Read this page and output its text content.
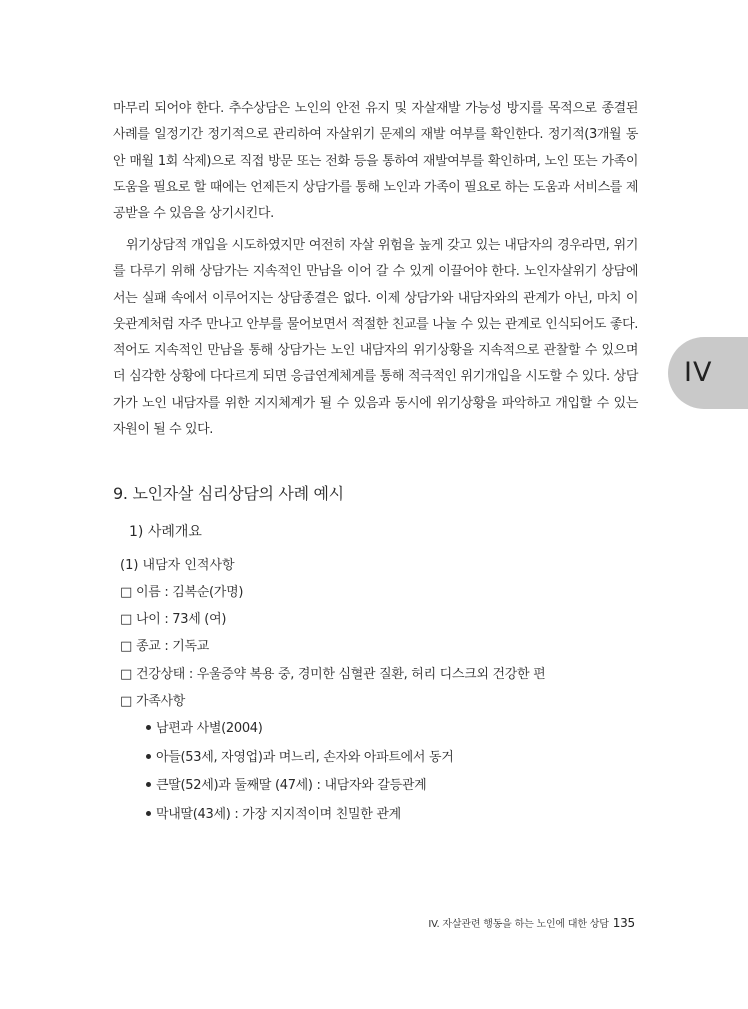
마무리 되어야 한다. 추수상담은 노인의 안전 유지 및 자살재발 가능성 방지를 목적으로 종결된 사례를 일정기간 정기적으로 관리하여 자살위기 문제의 재발 여부를 확인한다. 정기적(3개월 동안 매월 1회 삭제)으로 직접 방문 또는 전화 등을 통하여 재발여부를 확인하며, 노인 또는 가족이 도움을 필요로 할 때에는 언제든지 상담가를 통해 노인과 가족이 필요로 하는 도움과 서비스를 제공받을 수 있음을 상기시킨다.

위기상담적 개입을 시도하였지만 여전히 자살 위험을 높게 갖고 있는 내담자의 경우라면, 위기를 다루기 위해 상담가는 지속적인 만남을 이어 갈 수 있게 이끌어야 한다. 노인자살위기 상담에서는 실패 속에서 이루어지는 상담종결은 없다. 이제 상담가와 내담자와의 관계가 아닌, 마치 이웃관계처럼 자주 만나고 안부를 물어보면서 적절한 친교를 나눌 수 있는 관계로 인식되어도 좋다. 적어도 지속적인 만남을 통해 상담가는 노인 내담자의 위기상황을 지속적으로 관찰할 수 있으며 더 심각한 상황에 다다르게 되면 응급연계체계를 통해 적극적인 위기개입을 시도할 수 있다. 상담가가 노인 내담자를 위한 지지체계가 될 수 있음과 동시에 위기상황을 파악하고 개입할 수 있는 자원이 될 수 있다.

IV
9. 노인자살 심리상담의 사례 예시
1) 사례개요
(1) 내담자 인적사항
□ 이름 : 김복순(가명)
□ 나이 : 73세 (여)
□ 종교 : 기독교
□ 건강상태 : 우울증약 복용 중, 경미한 심혈관 질환, 허리 디스크외 건강한 편
□ 가족사항
남편과 사별(2004)
아들(53세, 자영업)과 며느리, 손자와 아파트에서 동거
큰딸(52세)과 둘째딸 (47세) : 내담자와 갈등관계
막내딸(43세) : 가장 지지적이며 친밀한 관계
IV. 자살관련 행동을 하는 노인에 대한 상담 135
